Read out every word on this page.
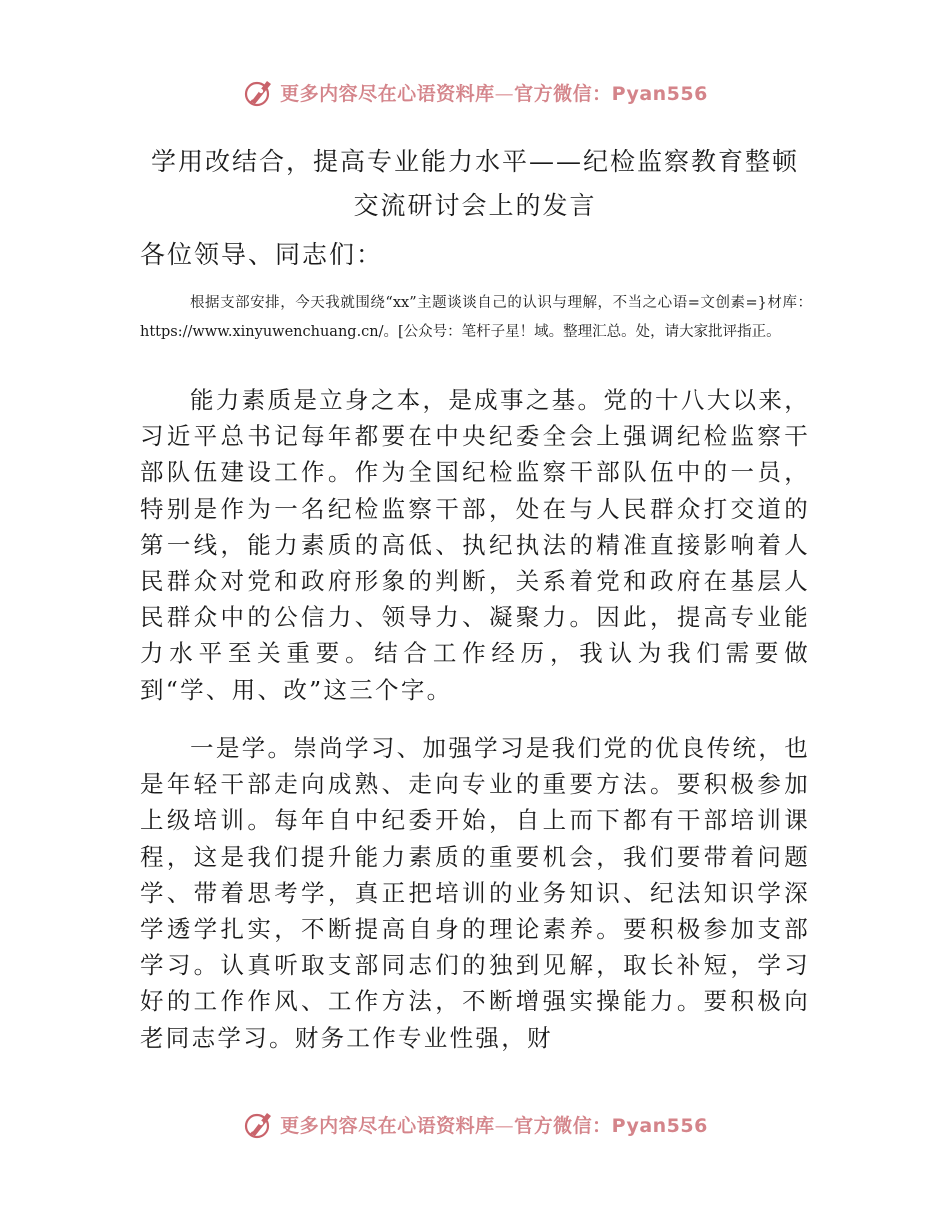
更多内容尽在心语资料库—官方微信：Pyan556
学用改结合，提高专业能力水平——纪检监察教育整顿交流研讨会上的发言

各位领导、同志们：

根据支部安排，今天我就围绕“xx”主题谈谈自己的认识与理解，不当之心语=文创素=}材库：https://www.xinyuwenchuang.cn/。[公众号：笔杆子星！域。整理汇总。处，请大家批评指正。

能力素质是立身之本，是成事之基。党的十八大以来，习近平总书记每年都要在中央纪委全会上强调纪检监察干部队伍建设工作。作为全国纪检监察干部队伍中的一员，特别是作为一名纪检监察干部，处在与人民群众打交道的第一线，能力素质的高低、执纪执法的精准直接影响着人民群众对党和政府形象的判断，关系着党和政府在基层人民群众中的公信力、领导力、凝聚力。因此，提高专业能力水平至关重要。结合工作经历，我认为我们需要做到“学、用、改”这三个字。

一是学。崇尚学习、加强学习是我们党的优良传统，也是年轻干部走向成熟、走向专业的重要方法。要积极参加上级培训。每年自中纪委开始，自上而下都有干部培训课程，这是我们提升能力素质的重要机会，我们要带着问题学、带着思考学，真正把培训的业务知识、纪法知识学深学透学扎实，不断提高自身的理论素养。要积极参加支部学习。认真听取支部同志们的独到见解，取长补短，学习好的工作作风、工作方法，不断增强实操能力。要积极向老同志学习。财务工作专业性强，财

更多内容尽在心语资料库—官方微信：Pyan556
